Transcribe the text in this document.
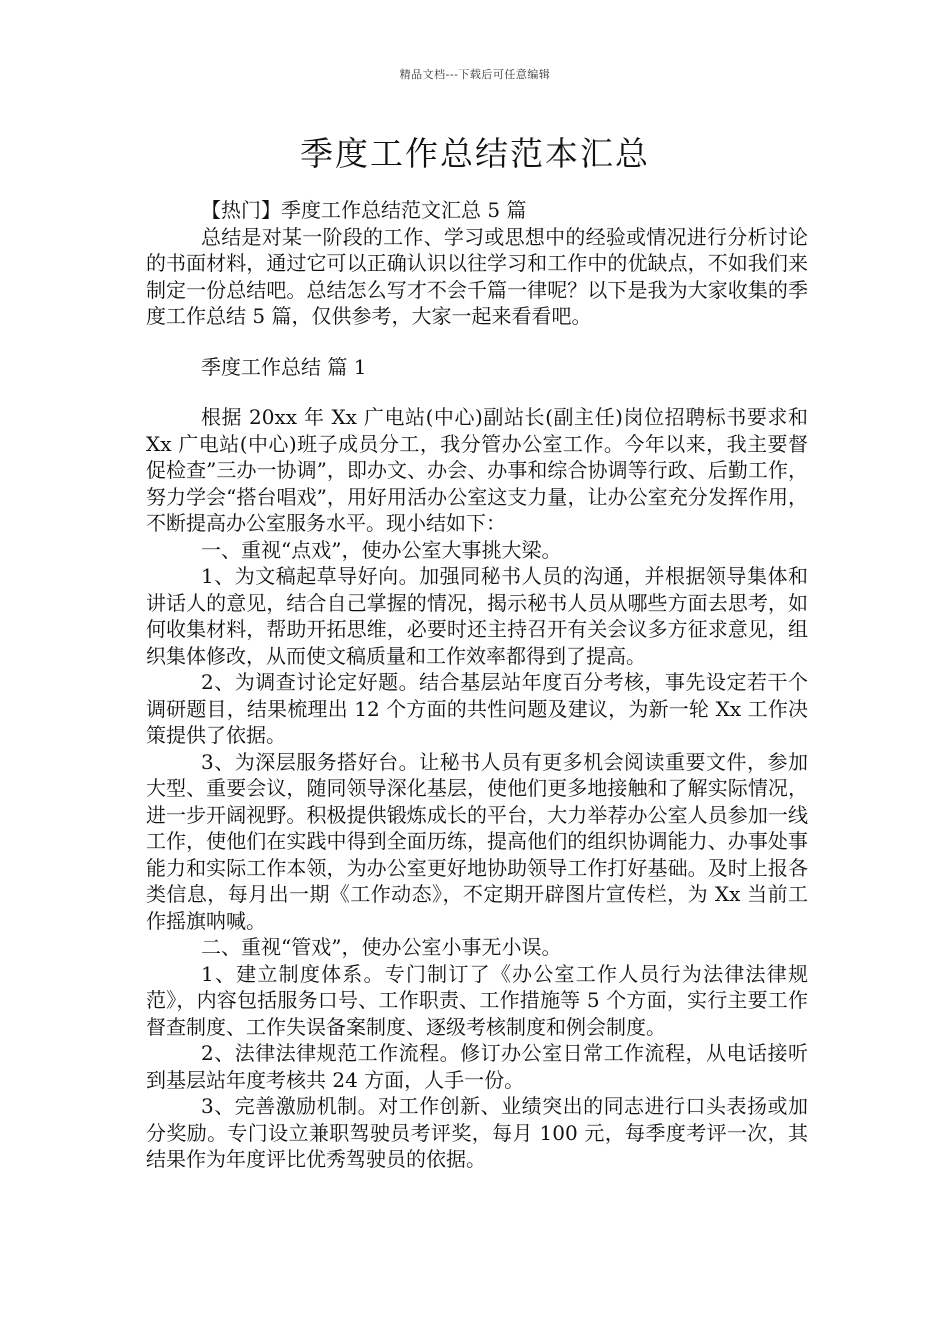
精品文档---下载后可任意编辑
季度工作总结范本汇总

【热门】季度工作总结范文汇总 5 篇

总结是对某一阶段的工作、学习或思想中的经验或情况进行分析讨论的书面材料，通过它可以正确认识以往学习和工作中的优缺点，不如我们来制定一份总结吧。总结怎么写才不会千篇一律呢？以下是我为大家收集的季度工作总结 5 篇，仅供参考，大家一起来看看吧。

季度工作总结 篇 1

根据 20xx 年 Xx 广电站(中心)副站长(副主任)岗位招聘标书要求和 Xx 广电站(中心)班子成员分工，我分管办公室工作。今年以来，我主要督促检查”三办一协调”，即办文、办会、办事和综合协调等行政、后勤工作，努力学会“搭台唱戏”，用好用活办公室这支力量，让办公室充分发挥作用，不断提高办公室服务水平。现小结如下：

一、重视“点戏”，使办公室大事挑大梁。

1、为文稿起草导好向。加强同秘书人员的沟通，并根据领导集体和讲话人的意见，结合自己掌握的情况，揭示秘书人员从哪些方面去思考，如何收集材料，帮助开拓思维，必要时还主持召开有关会议多方征求意见，组织集体修改，从而使文稿质量和工作效率都得到了提高。

2、为调查讨论定好题。结合基层站年度百分考核，事先设定若干个调研题目，结果梳理出 12 个方面的共性问题及建议，为新一轮 Xx 工作决策提供了依据。

3、为深层服务搭好台。让秘书人员有更多机会阅读重要文件，参加大型、重要会议，随同领导深化基层，使他们更多地接触和了解实际情况，进一步开阔视野。积极提供锻炼成长的平台，大力举荐办公室人员参加一线工作，使他们在实践中得到全面历练，提高他们的组织协调能力、办事处事能力和实际工作本领，为办公室更好地协助领导工作打好基础。及时上报各类信息，每月出一期《工作动态》，不定期开辟图片宣传栏，为 Xx 当前工作摇旗呐喊。

二、重视“管戏”，使办公室小事无小误。

1、建立制度体系。专门制订了《办公室工作人员行为法律法律规范》，内容包括服务口号、工作职责、工作措施等 5 个方面，实行主要工作督查制度、工作失误备案制度、逐级考核制度和例会制度。

2、法律法律规范工作流程。修订办公室日常工作流程，从电话接听到基层站年度考核共 24 方面，人手一份。

3、完善激励机制。对工作创新、业绩突出的同志进行口头表扬或加分奖励。专门设立兼职驾驶员考评奖，每月 100 元，每季度考评一次，其结果作为年度评比优秀驾驶员的依据。
